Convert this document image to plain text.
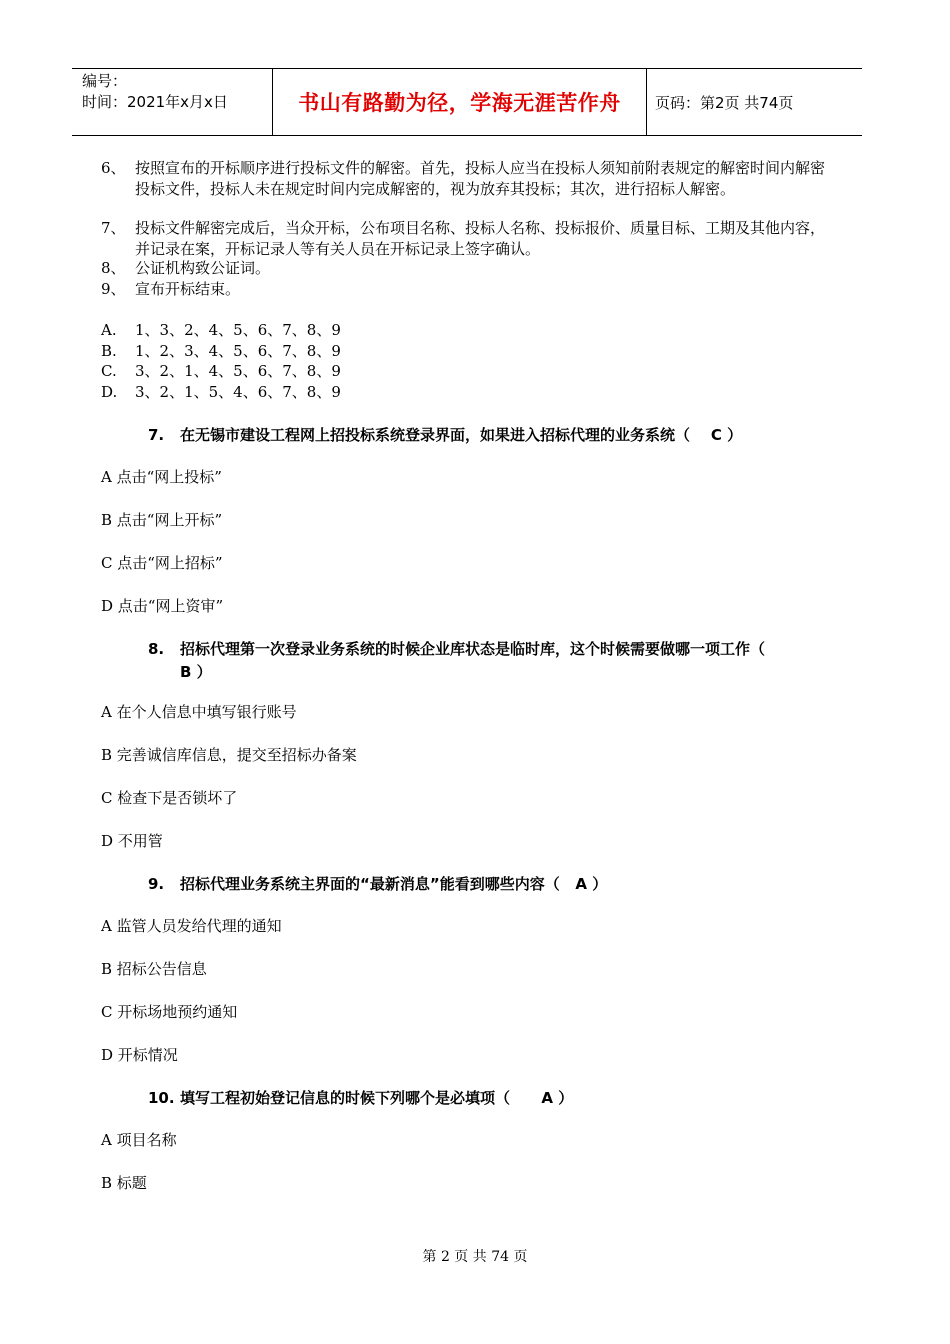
编号：
时间：2021年x月x日	书山有路勤为径，学海无涯苦作舟	页码：第2页 共74页
6、 按照宣布的开标顺序进行投标文件的解密。首先，投标人应当在投标人须知前附表规定的解密时间内解密投标文件，投标人未在规定时间内完成解密的，视为放弃其投标；其次，进行招标人解密。
7、 投标文件解密完成后，当众开标，公布项目名称、投标人名称、投标报价、质量目标、工期及其他内容，并记录在案，开标记录人等有关人员在开标记录上签字确认。
8、 公证机构致公证词。
9、 宣布开标结束。
A. 1、3、2、4、5、6、7、8、9
B. 1、2、3、4、5、6、7、8、9
C. 3、2、1、4、5、6、7、8、9
D. 3、2、1、5、4、6、7、8、9
7. 在无锡市建设工程网上招投标系统登录界面，如果进入招标代理的业务系统（ C ）
A 点击“网上投标”
B 点击“网上开标”
C 点击“网上招标”
D 点击“网上资审”
8. 招标代理第一次登录业务系统的时候企业库状态是临时库，这个时候需要做哪一项工作（
B ）
A 在个人信息中填写银行账号
B 完善诚信库信息，提交至招标办备案
C 检查下是否锁坏了
D 不用管
9. 招标代理业务系统主界面的“最新消息”能看到哪些内容（ A ）
A 监管人员发给代理的通知
B 招标公告信息
C 开标场地预约通知
D 开标情况
10. 填写工程初始登记信息的时候下列哪个是必填项（ A ）
A 项目名称
B 标题
第 2 页 共 74 页
